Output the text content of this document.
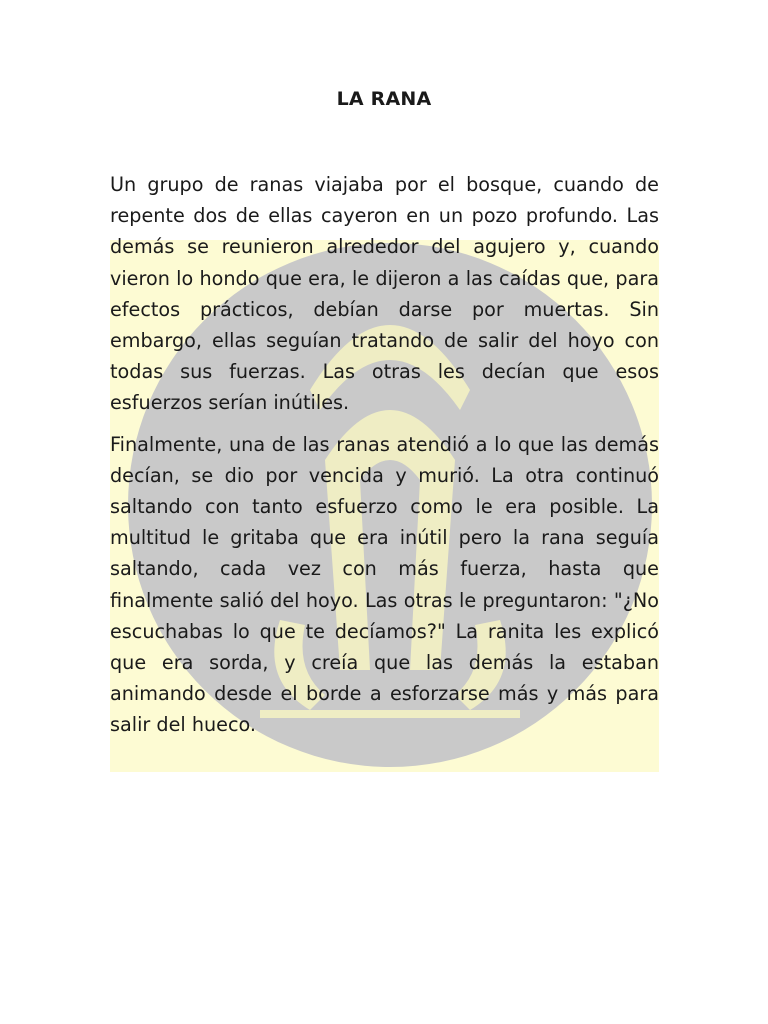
LA RANA

Un grupo de ranas viajaba por el bosque, cuando de repente dos de ellas cayeron en un pozo profundo. Las demás se reunieron alrededor del agujero y, cuando vieron lo hondo que era, le dijeron a las caídas que, para efectos prácticos, debían darse por muertas. Sin embargo, ellas seguían tratando de salir del hoyo con todas sus fuerzas. Las otras les decían que esos esfuerzos serían inútiles.

Finalmente, una de las ranas atendió a lo que las demás decían, se dio por vencida y murió. La otra continuó saltando con tanto esfuerzo como le era posible. La multitud le gritaba que era inútil pero la rana seguía saltando, cada vez con más fuerza, hasta que finalmente salió del hoyo. Las otras le preguntaron: "¿No escuchabas lo que te decíamos?" La ranita les explicó que era sorda, y creía que las demás la estaban animando desde el borde a esforzarse más y más para salir del hueco.
